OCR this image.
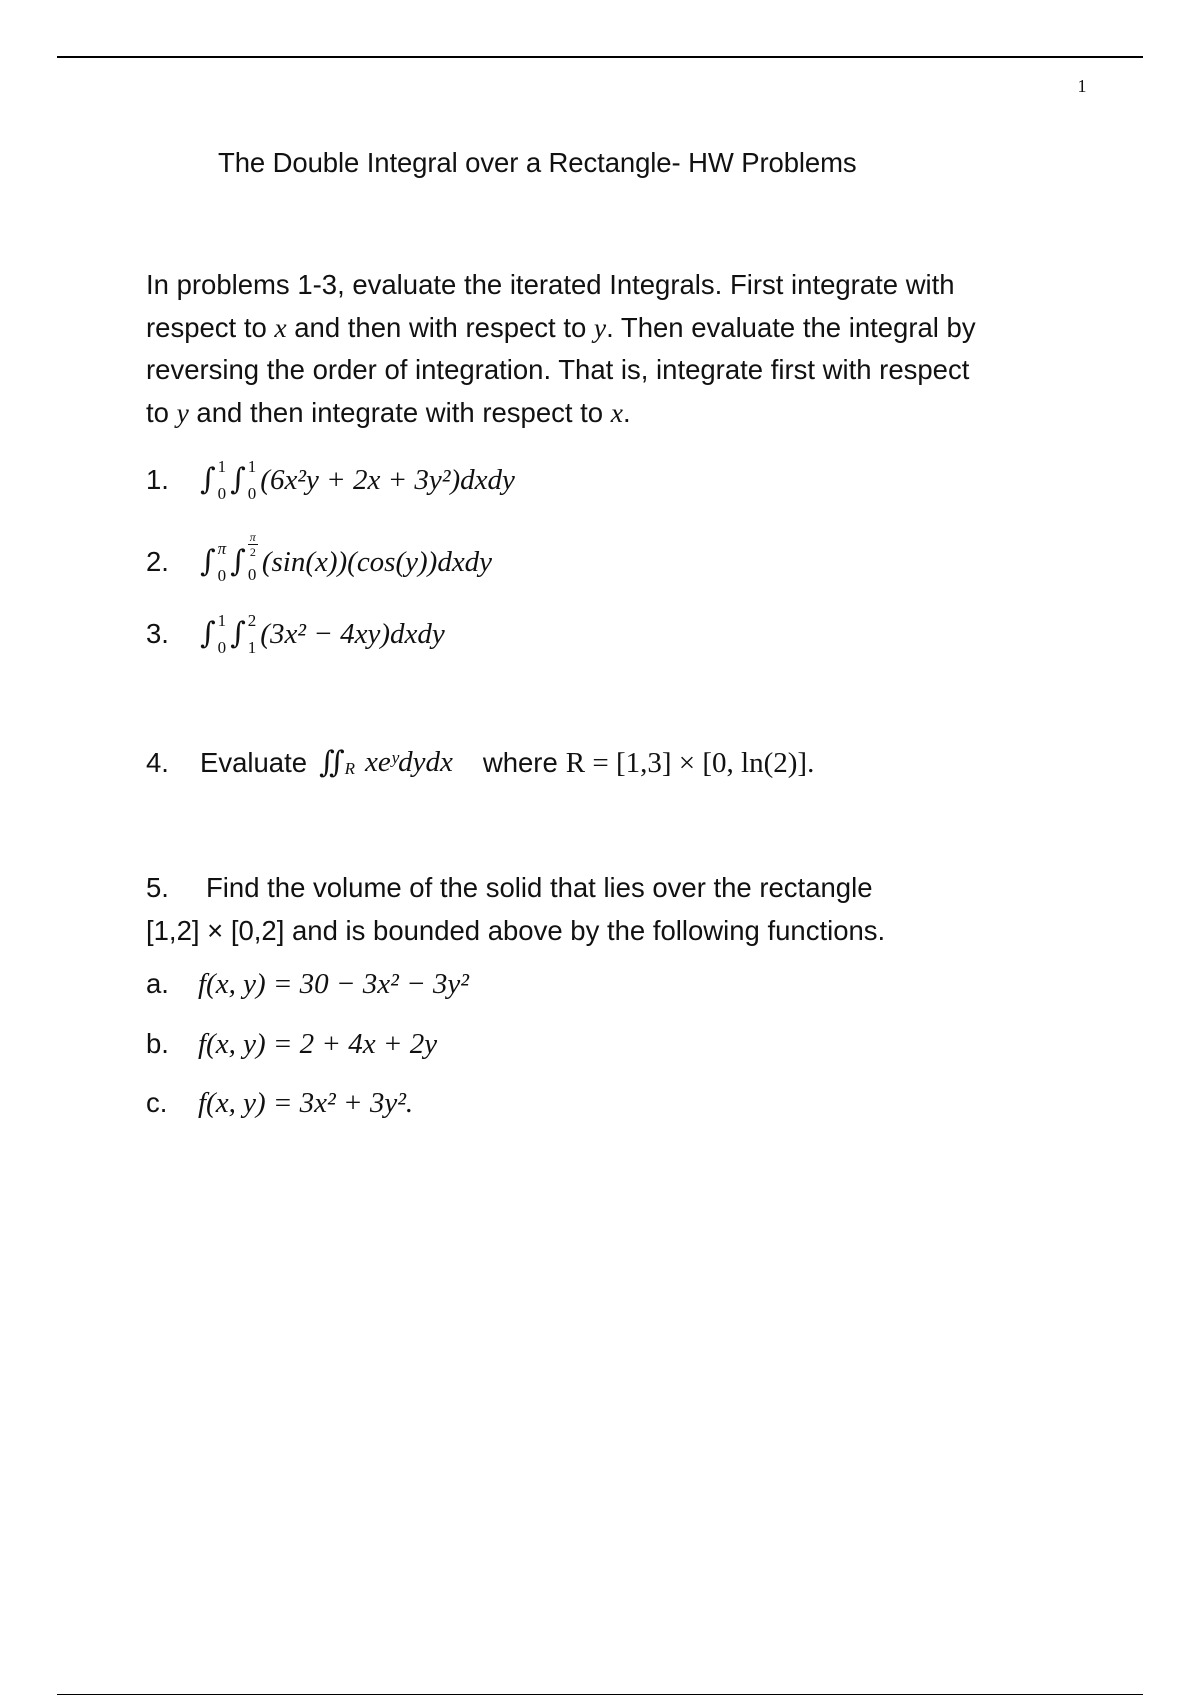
1
The Double Integral over a Rectangle- HW Problems
In problems 1-3, evaluate the iterated Integrals. First integrate with
respect to x and then with respect to y. Then evaluate the integral by
reversing the order of integration. That is, integrate first with respect
to y and then integrate with respect to x.
1.	∫ 1
0 ∫ 1
0 (6x²y + 2x + 3y²)dxdy
2.	∫ π
0 ∫ $\frac{\pi}{2}$
0 (sin(x))(cos(y))dxdy
3.	∫ 1
0 ∫ 2
1 (3x² − 4xy)dxdy
4.	Evaluate ∬ R xeʸdydx where R = [1,3] × [0, ln(2)].
5. Find the volume of the solid that lies over the rectangle
[1,2] × [0,2] and is bounded above by the following functions.
a.	f(x, y) = 30 − 3x² − 3y²
b.	f(x, y) = 2 + 4x + 2y
c.	f(x, y) = 3x² + 3y².
